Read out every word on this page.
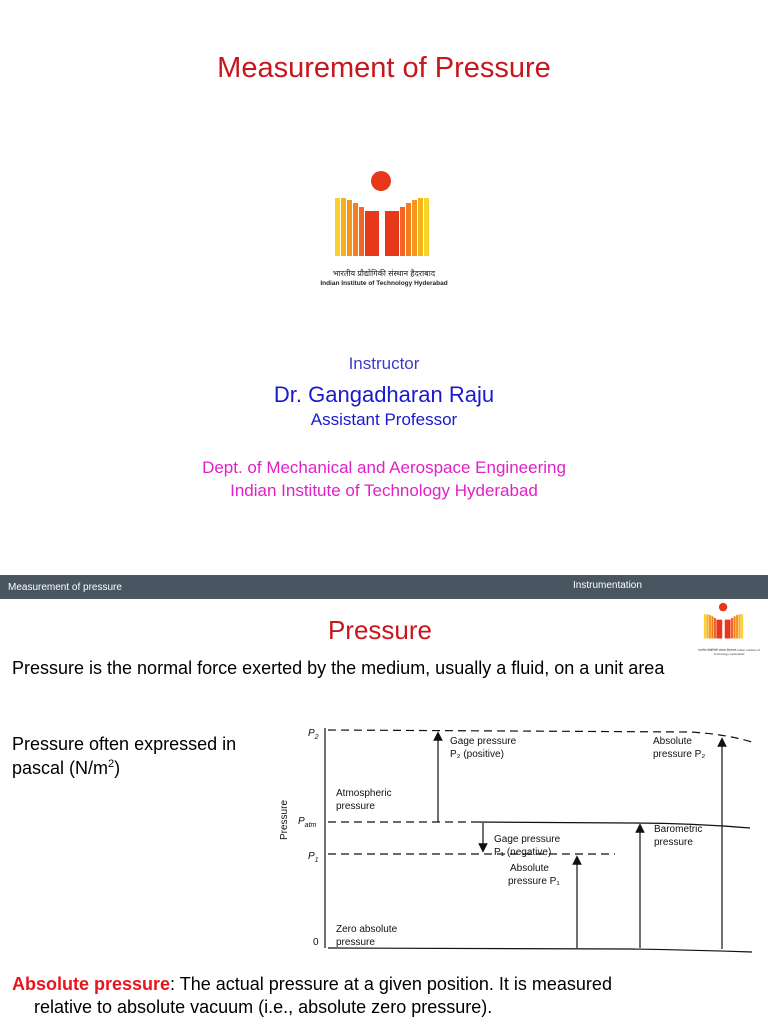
Measurement of Pressure
भारतीय प्रौद्योगिकी संस्थान हैदराबाद
Indian Institute of Technology Hyderabad
Instructor
Dr. Gangadharan Raju
Assistant Professor
Dept. of Mechanical and Aerospace Engineering
Indian Institute of Technology Hyderabad
Measurement of pressure	Instrumentation
Pressure
भारतीय प्रौद्योगिकी संस्थान हैदराबाद Indian Institute of Technology Hyderabad
Pressure is the normal force exerted by the medium, usually a fluid, on a unit area
Pressure often expressed in pascal $(N/m^2)$
Pressure
$P_2$
$P_{atm}$
$P_1$
0
Gage pressure
P₂ (positive)
Absolute
pressure P₂
Atmospheric
pressure
Barometric
pressure
Gage pressure
P₁ (negative)
Absolute
pressure P₁
Zero absolute
pressure
Absolute pressure: The actual pressure at a given position. It is measured
relative to absolute vacuum (i.e., absolute zero pressure).
